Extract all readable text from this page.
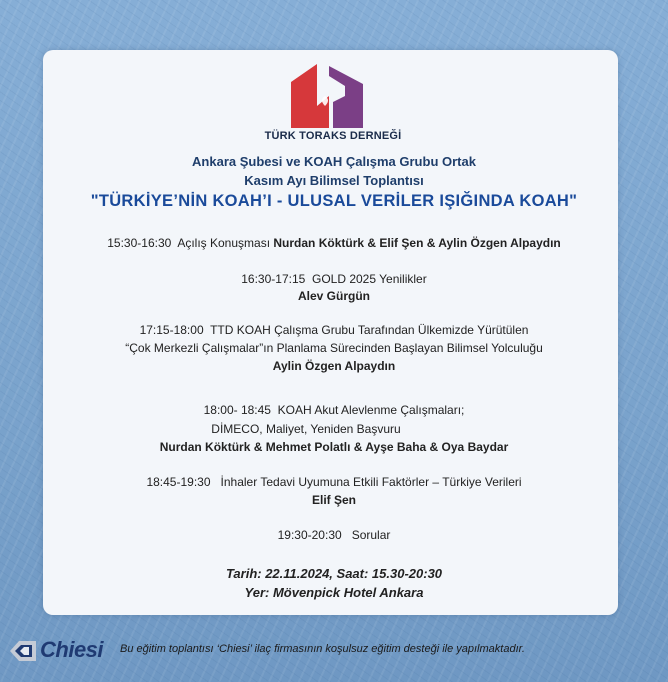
TÜRK TORAKS DERNEĞİ
Ankara Şubesi ve KOAH Çalışma Grubu Ortak
Kasım Ayı Bilimsel Toplantısı
"TÜRKİYE’NİN KOAH’I - ULUSAL VERİLER IŞIĞINDA KOAH"
15:30-16:30 Açılış Konuşması Nurdan Köktürk & Elif Şen & Aylin Özgen Alpaydın
16:30-17:15 GOLD 2025 Yenilikler
Alev Gürgün
17:15-18:00 TTD KOAH Çalışma Grubu Tarafından Ülkemizde Yürütülen
“Çok Merkezli Çalışmalar”ın Planlama Sürecinden Başlayan Bilimsel Yolculuğu
Aylin Özgen Alpaydın
18:00- 18:45 KOAH Akut Alevlenme Çalışmaları;
DİMECO, Maliyet, Yeniden Başvuru
Nurdan Köktürk & Mehmet Polatlı & Ayşe Baha & Oya Baydar
18:45-19:30 İnhaler Tedavi Uyumuna Etkili Faktörler – Türkiye Verileri
Elif Şen
19:30-20:30 Sorular
Tarih: 22.11.2024, Saat: 15.30-20:30
Yer: Mövenpick Hotel Ankara
Chiesi Bu eğitim toplantısı ‘Chiesi’ ilaç firmasının koşulsuz eğitim desteği ile yapılmaktadır.
